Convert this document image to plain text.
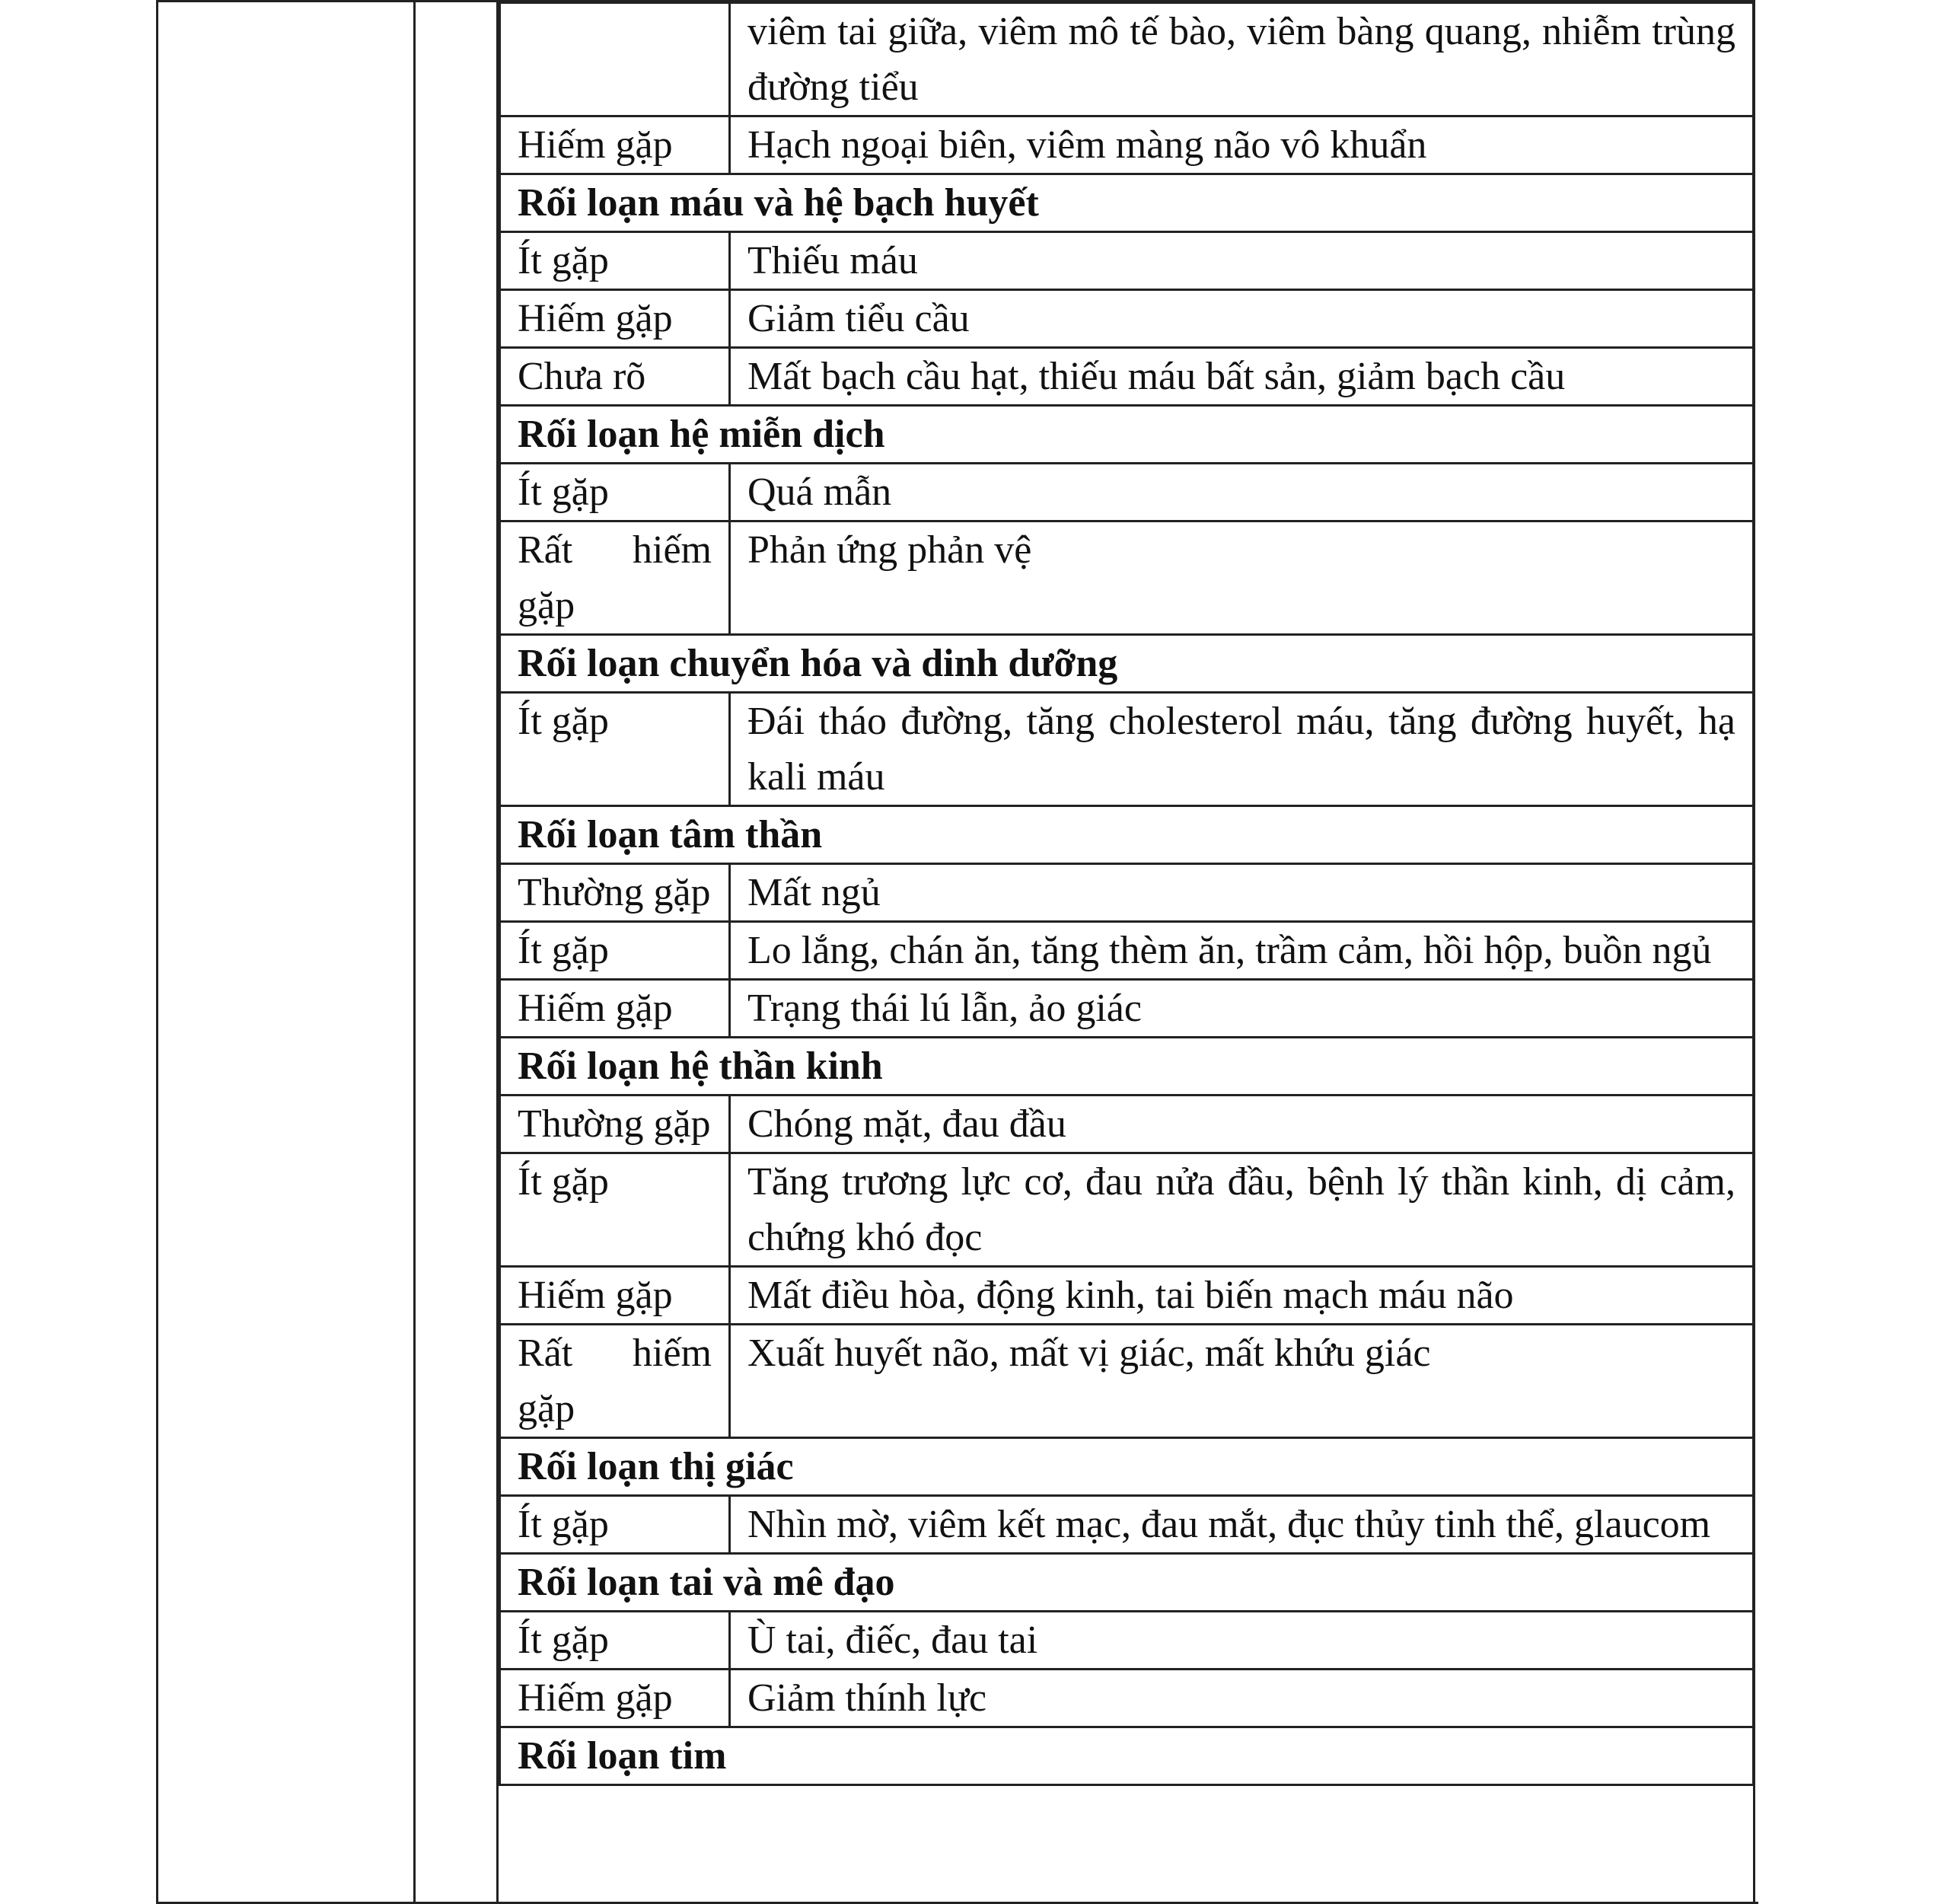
	viêm tai giữa, viêm mô tế bào, viêm bàng quang, nhiễm trùng đường tiểu
Hiếm gặp	Hạch ngoại biên, viêm màng não vô khuẩn
Rối loạn máu và hệ bạch huyết	
Ít gặp	Thiếu máu
Hiếm gặp	Giảm tiểu cầu
Chưa rõ	Mất bạch cầu hạt, thiếu máu bất sản, giảm bạch cầu
Rối loạn hệ miễn dịch	
Ít gặp	Quá mẫn
Rất hiếm gặp	Phản ứng phản vệ
Rối loạn chuyển hóa và dinh dưỡng	
Ít gặp	Đái tháo đường, tăng cholesterol máu, tăng đường huyết, hạ kali máu
Rối loạn tâm thần	
Thường gặp	Mất ngủ
Ít gặp	Lo lắng, chán ăn, tăng thèm ăn, trầm cảm, hồi hộp, buồn ngủ
Hiếm gặp	Trạng thái lú lẫn, ảo giác
Rối loạn hệ thần kinh	
Thường gặp	Chóng mặt, đau đầu
Ít gặp	Tăng trương lực cơ, đau nửa đầu, bệnh lý thần kinh, dị cảm, chứng khó đọc
Hiếm gặp	Mất điều hòa, động kinh, tai biến mạch máu não
Rất hiếm gặp	Xuất huyết não, mất vị giác, mất khứu giác
Rối loạn thị giác	
Ít gặp	Nhìn mờ, viêm kết mạc, đau mắt, đục thủy tinh thể, glaucom
Rối loạn tai và mê đạo	
Ít gặp	Ù tai, điếc, đau tai
Hiếm gặp	Giảm thính lực
Rối loạn tim	
